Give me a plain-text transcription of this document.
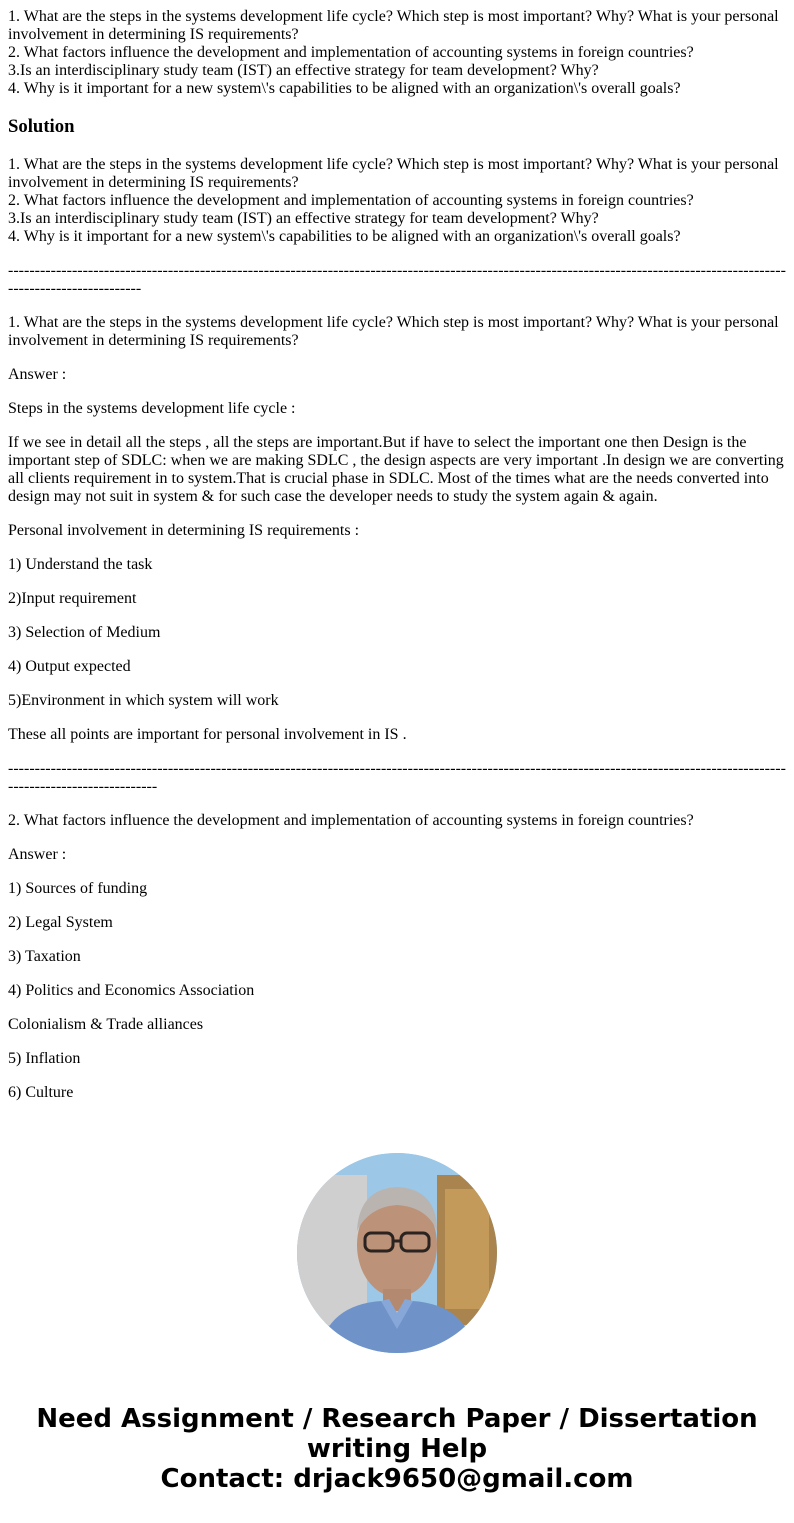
1. What are the steps in the systems development life cycle? Which step is most important? Why? What is your personal involvement in determining IS requirements?
2. What factors influence the development and implementation of accounting systems in foreign countries?
3.Is an interdisciplinary study team (IST) an effective strategy for team development? Why?
4. Why is it important for a new system\'s capabilities to be aligned with an organization\'s overall goals?
Solution
1. What are the steps in the systems development life cycle? Which step is most important? Why? What is your personal involvement in determining IS requirements?
2. What factors influence the development and implementation of accounting systems in foreign countries?
3.Is an interdisciplinary study team (IST) an effective strategy for team development? Why?
4. Why is it important for a new system\'s capabilities to be aligned with an organization\'s overall goals?

---------------------------------------------------------------------------------------------------------------------------------------------------------------------------

1. What are the steps in the systems development life cycle? Which step is most important? Why? What is your personal involvement in determining IS requirements?

Answer :

Steps in the systems development life cycle :

If we see in detail all the steps , all the steps are important.But if have to select the important one then Design is the important step of SDLC: when we are making SDLC , the design aspects are very important .In design we are converting all clients requirement in to system.That is crucial phase in SDLC. Most of the times what are the needs converted into design may not suit in system & for such case the developer needs to study the system again & again.

Personal involvement in determining IS requirements :

1) Understand the task

2)Input requirement

3) Selection of Medium

4) Output expected

5)Environment in which system will work

These all points are important for personal involvement in IS .

------------------------------------------------------------------------------------------------------------------------------------------------------------------------------

2. What factors influence the development and implementation of accounting systems in foreign countries?

Answer :

1) Sources of funding

2) Legal System

3) Taxation

4) Politics and Economics Association

Colonialism & Trade alliances

5) Inflation

6) Culture

Need Assignment / Research Paper / Dissertation
writing Help
Contact: drjack9650@gmail.com
